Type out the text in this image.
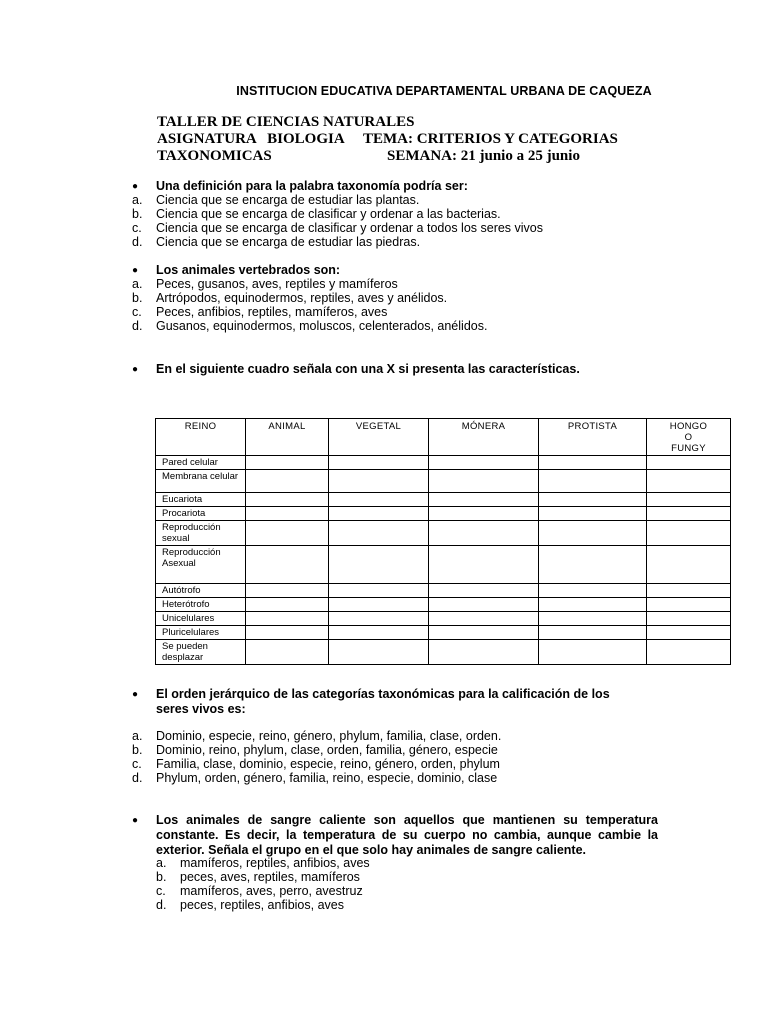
INSTITUCION EDUCATIVA DEPARTAMENTAL URBANA DE CAQUEZA
TALLER DE CIENCIAS NATURALES
ASIGNATURA   BIOLOGIA TEMA: CRITERIOS Y CATEGORIAS
TAXONOMICAS	SEMANA: 21 junio a 25 junio
● Una definición para la palabra taxonomía podría ser:
a. Ciencia que se encarga de estudiar las plantas.
b. Ciencia que se encarga de clasificar y ordenar a las bacterias.
c. Ciencia que se encarga de clasificar y ordenar a todos los seres vivos
d. Ciencia que se encarga de estudiar las piedras.
● Los animales vertebrados son:
a. Peces, gusanos, aves, reptiles y mamíferos
b. Artrópodos, equinodermos, reptiles, aves y anélidos.
c. Peces, anfibios, reptiles, mamíferos, aves
d. Gusanos, equinodermos, moluscos, celenterados, anélidos.
● En el siguiente cuadro señala con una X si presenta las características.
REINO	ANIMAL	VEGETAL	MÓNERA	PROTISTA	HONGO O FUNGY
Pared celular					
Membrana celular					
Eucariota					
Procariota					
Reproducción sexual					
Reproducción Asexual					
Autótrofo					
Heterótrofo					
Unicelulares					
Pluricelulares					
Se pueden desplazar					
● El orden jerárquico de las categorías taxonómicas para la calificación de los
seres vivos es:
a. Dominio, especie, reino, género, phylum, familia, clase, orden.
b. Dominio, reino, phylum, clase, orden, familia, género, especie
c. Familia, clase, dominio, especie, reino, género, orden, phylum
d. Phylum, orden, género, familia, reino, especie, dominio, clase
● Los animales de sangre caliente son aquellos que mantienen su temperatura constante. Es decir, la temperatura de su cuerpo no cambia, aunque cambie la exterior. Señala el grupo en el que solo hay animales de sangre caliente.
a. mamíferos, reptiles, anfibios, aves
b. peces, aves, reptiles, mamíferos
c. mamíferos, aves, perro, avestruz
d. peces, reptiles, anfibios, aves
